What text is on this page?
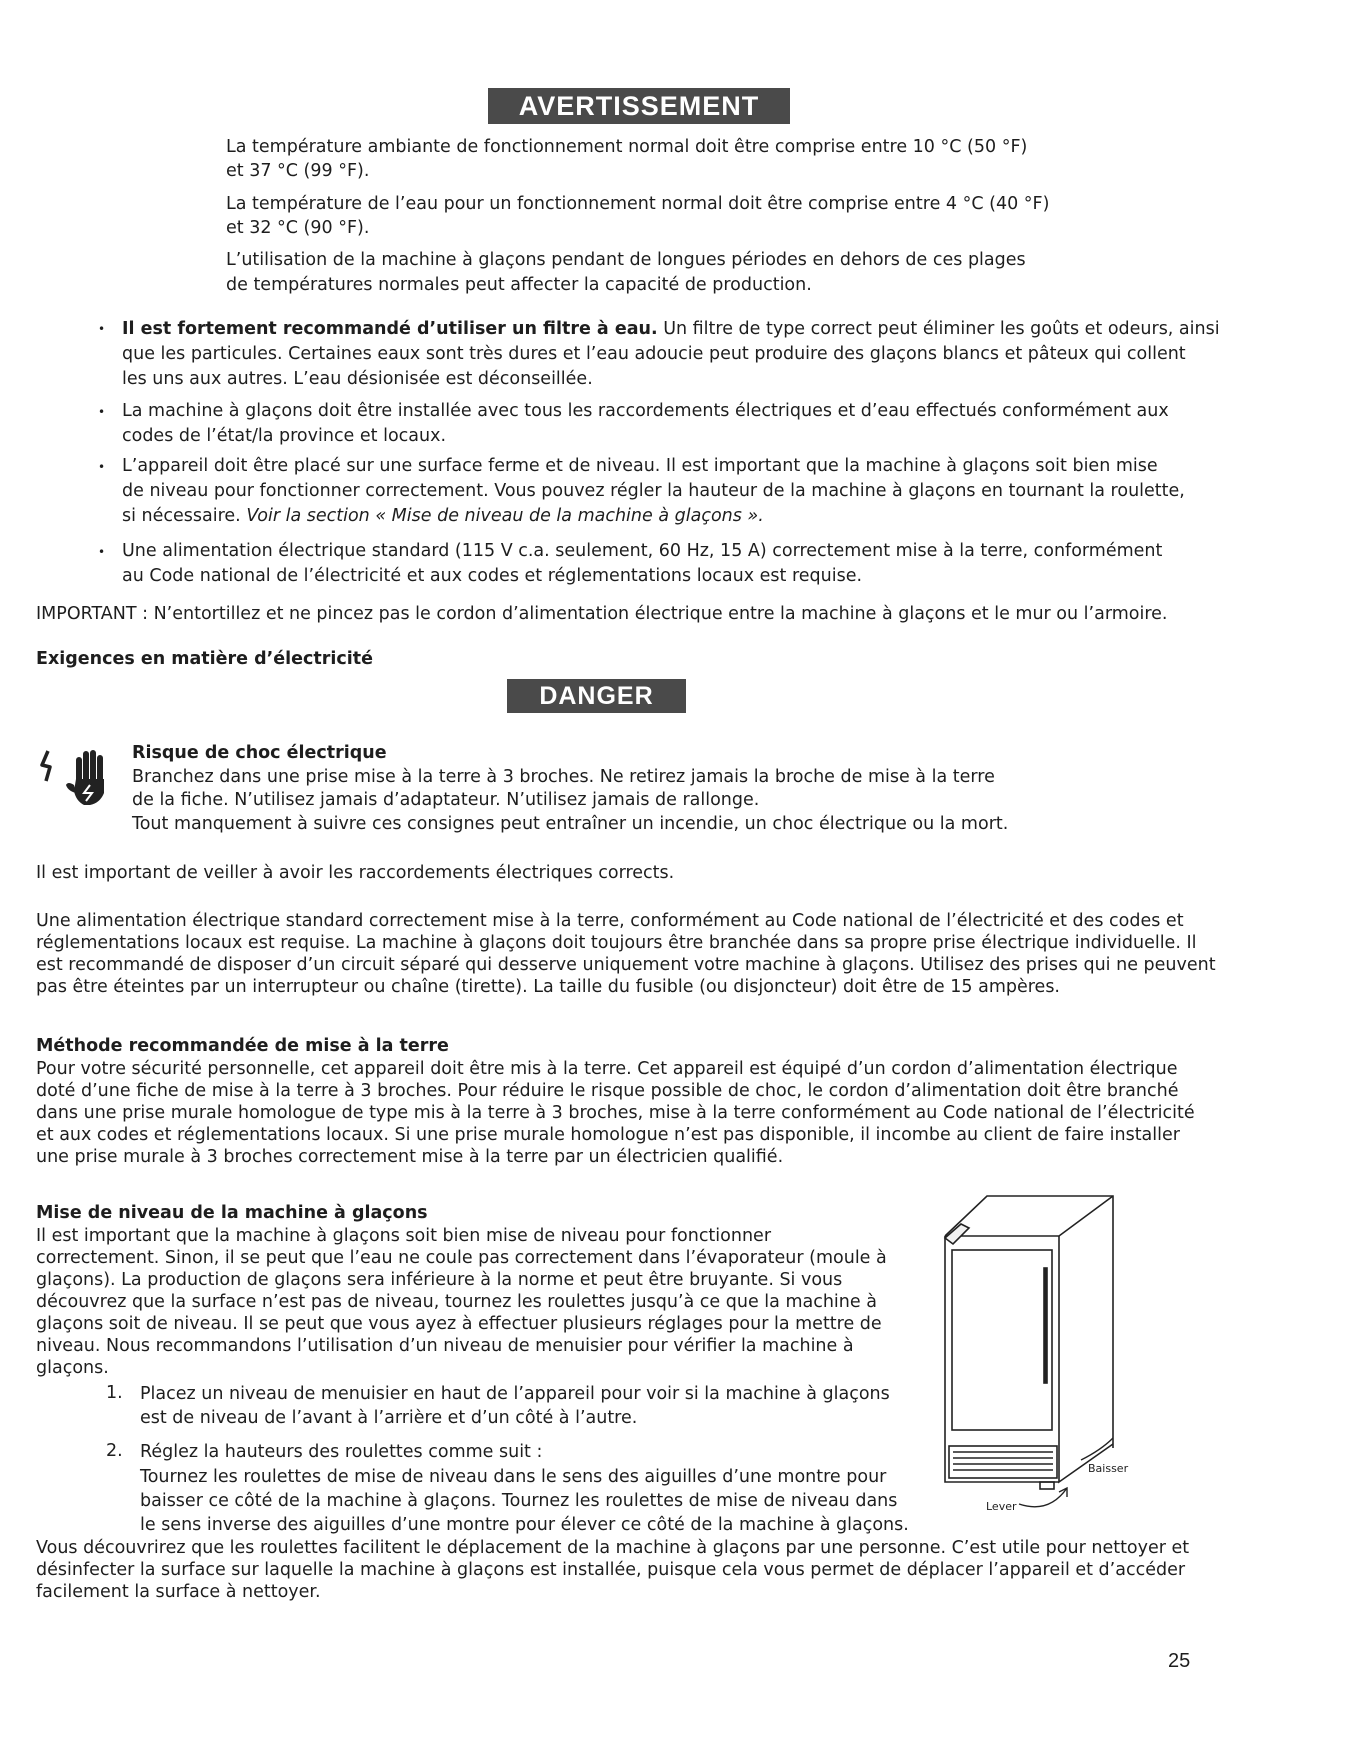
AVERTISSEMENT
La température ambiante de fonctionnement normal doit être comprise entre 10 °C (50 °F)
et 37 °C (99 °F).
La température de l’eau pour un fonctionnement normal doit être comprise entre 4 °C (40 °F)
et 32 °C (90 °F).
L’utilisation de la machine à glaçons pendant de longues périodes en dehors de ces plages
de températures normales peut affecter la capacité de production.
• Il est fortement recommandé d’utiliser un filtre à eau. Un filtre de type correct peut éliminer les goûts et odeurs, ainsi
que les particules. Certaines eaux sont très dures et l’eau adoucie peut produire des glaçons blancs et pâteux qui collent
les uns aux autres. L’eau désionisée est déconseillée.
• La machine à glaçons doit être installée avec tous les raccordements électriques et d’eau effectués conformément aux
codes de l’état/la province et locaux.
• L’appareil doit être placé sur une surface ferme et de niveau. Il est important que la machine à glaçons soit bien mise
de niveau pour fonctionner correctement. Vous pouvez régler la hauteur de la machine à glaçons en tournant la roulette,
si nécessaire. Voir la section « Mise de niveau de la machine à glaçons ».
• Une alimentation électrique standard (115 V c.a. seulement, 60 Hz, 15 A) correctement mise à la terre, conformément
au Code national de l’électricité et aux codes et réglementations locaux est requise.
IMPORTANT : N’entortillez et ne pincez pas le cordon d’alimentation électrique entre la machine à glaçons et le mur ou l’armoire.
Exigences en matière d’électricité
DANGER
Risque de choc électrique
Branchez dans une prise mise à la terre à 3 broches. Ne retirez jamais la broche de mise à la terre
de la fiche. N’utilisez jamais d’adaptateur. N’utilisez jamais de rallonge.
Tout manquement à suivre ces consignes peut entraîner un incendie, un choc électrique ou la mort.
Il est important de veiller à avoir les raccordements électriques corrects.
Une alimentation électrique standard correctement mise à la terre, conformément au Code national de l’électricité et des codes et réglementations locaux est requise. La machine à glaçons doit toujours être branchée dans sa propre prise électrique individuelle. Il est recommandé de disposer d’un circuit séparé qui desserve uniquement votre machine à glaçons. Utilisez des prises qui ne peuvent pas être éteintes par un interrupteur ou chaîne (tirette). La taille du fusible (ou disjoncteur) doit être de 15 ampères.
Méthode recommandée de mise à la terre
Pour votre sécurité personnelle, cet appareil doit être mis à la terre. Cet appareil est équipé d’un cordon d’alimentation électrique doté d’une fiche de mise à la terre à 3 broches. Pour réduire le risque possible de choc, le cordon d’alimentation doit être branché dans une prise murale homologue de type mis à la terre à 3 broches, mise à la terre conformément au Code national de l’électricité et aux codes et réglementations locaux. Si une prise murale homologue n’est pas disponible, il incombe au client de faire installer une prise murale à 3 broches correctement mise à la terre par un électricien qualifié.
Mise de niveau de la machine à glaçons
Il est important que la machine à glaçons soit bien mise de niveau pour fonctionner correctement. Sinon, il se peut que l’eau ne coule pas correctement dans l’évaporateur (moule à glaçons). La production de glaçons sera inférieure à la norme et peut être bruyante. Si vous découvrez que la surface n’est pas de niveau, tournez les roulettes jusqu’à ce que la machine à glaçons soit de niveau. Il se peut que vous ayez à effectuer plusieurs réglages pour la mettre de niveau. Nous recommandons l’utilisation d’un niveau de menuisier pour vérifier la machine à glaçons.
1. Placez un niveau de menuisier en haut de l’appareil pour voir si la machine à glaçons
est de niveau de l’avant à l’arrière et d’un côté à l’autre.
2. Réglez la hauteurs des roulettes comme suit :
Tournez les roulettes de mise de niveau dans le sens des aiguilles d’une montre pour
baisser ce côté de la machine à glaçons. Tournez les roulettes de mise de niveau dans
le sens inverse des aiguilles d’une montre pour élever ce côté de la machine à glaçons.
Baisser
Lever
Vous découvrirez que les roulettes facilitent le déplacement de la machine à glaçons par une personne. C’est utile pour nettoyer et désinfecter la surface sur laquelle la machine à glaçons est installée, puisque cela vous permet de déplacer l’appareil et d’accéder facilement la surface à nettoyer.
25
